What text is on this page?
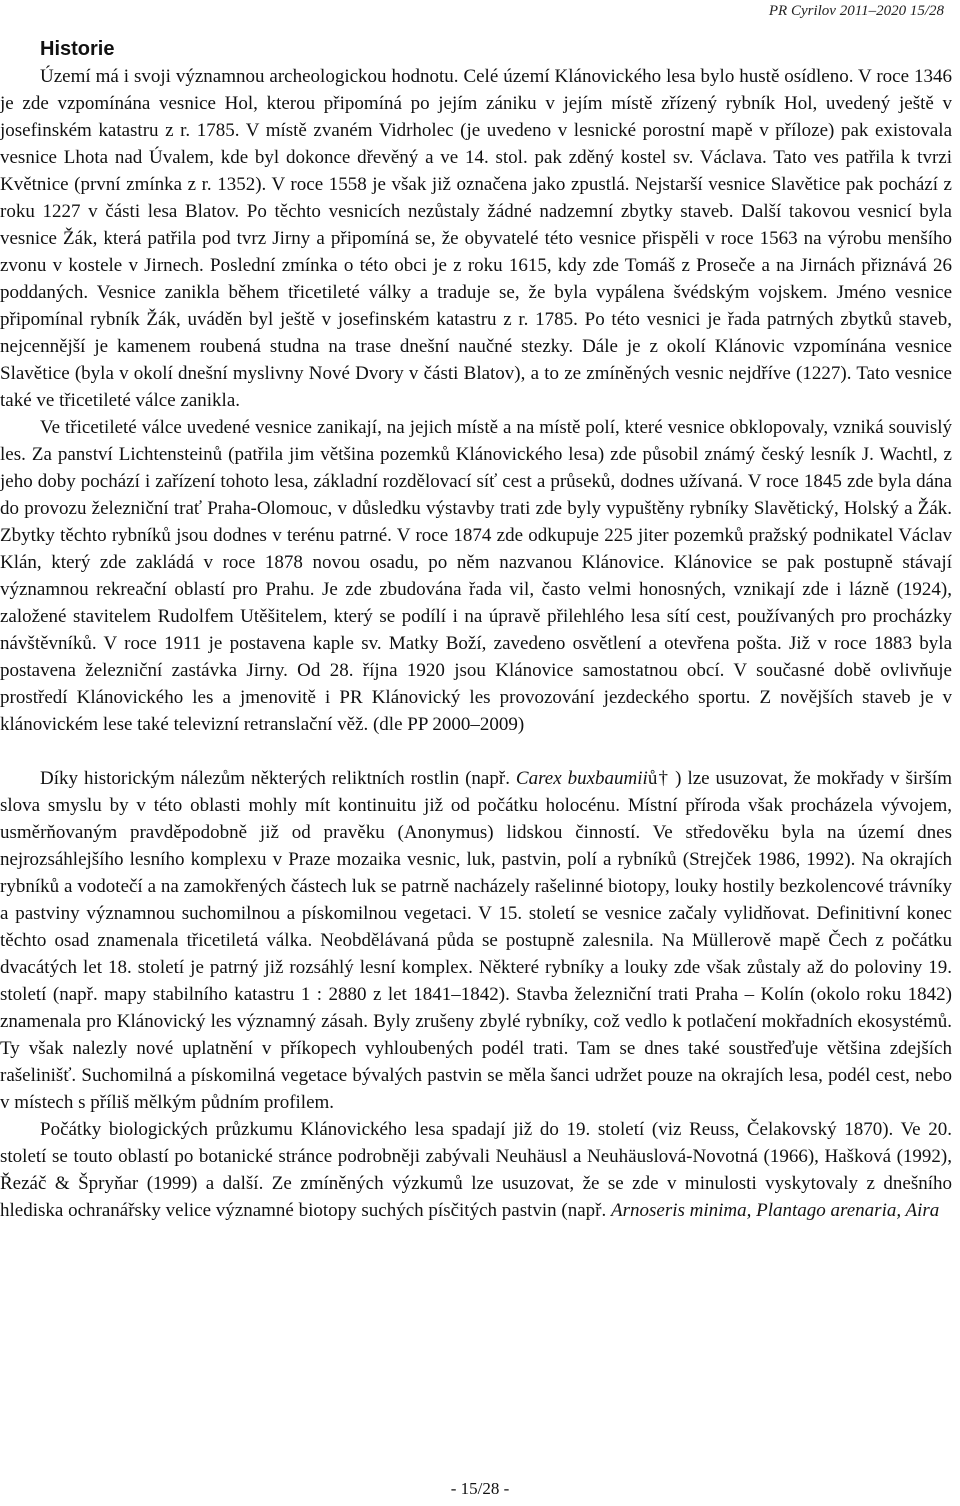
PR Cyrilov 2011–2020 15/28
Historie

Území má i svoji významnou archeologickou hodnotu. Celé území Klánovického lesa bylo hustě osídleno. V roce 1346 je zde vzpomínána vesnice Hol, kterou připomíná po jejím zániku v jejím místě zřízený rybník Hol, uvedený ještě v josefinském katastru z r. 1785. V místě zvaném Vidrholec (je uvedeno v lesnické porostní mapě v příloze) pak existovala vesnice Lhota nad Úvalem, kde byl dokonce dřevěný a ve 14. stol. pak zděný kostel sv. Václava. Tato ves patřila k tvrzi Květnice (první zmínka z r. 1352). V roce 1558 je však již označena jako zpustlá. Nejstarší vesnice Slavětice pak pochází z roku 1227 v části lesa Blatov. Po těchto vesnicích nezůstaly žádné nadzemní zbytky staveb. Další takovou vesnicí byla vesnice Žák, která patřila pod tvrz Jirny a připomíná se, že obyvatelé této vesnice přispěli v roce 1563 na výrobu menšího zvonu v kostele v Jirnech. Poslední zmínka o této obci je z roku 1615, kdy zde Tomáš z Proseče a na Jirnách přiznává 26 poddaných. Vesnice zanikla během třicetileté války a traduje se, že byla vypálena švédským vojskem. Jméno vesnice připomínal rybník Žák, uváděn byl ještě v josefinském katastru z r. 1785. Po této vesnici je řada patrných zbytků staveb, nejcennější je kamenem roubená studna na trase dnešní naučné stezky. Dále je z okolí Klánovic vzpomínána vesnice Slavětice (byla v okolí dnešní myslivny Nové Dvory v části Blatov), a to ze zmíněných vesnic nejdříve (1227). Tato vesnice také ve třicetileté válce zanikla.

Ve třicetileté válce uvedené vesnice zanikají, na jejich místě a na místě polí, které vesnice obklopovaly, vzniká souvislý les. Za panství Lichtensteinů (patřila jim většina pozemků Klánovického lesa) zde působil známý český lesník J. Wachtl, z jeho doby pochází i zařízení tohoto lesa, základní rozdělovací síť cest a průseků, dodnes užívaná. V roce 1845 zde byla dána do provozu železniční trať Praha-Olomouc, v důsledku výstavby trati zde byly vypuštěny rybníky Slavětický, Holský a Žák. Zbytky těchto rybníků jsou dodnes v terénu patrné. V roce 1874 zde odkupuje 225 jiter pozemků pražský podnikatel Václav Klán, který zde zakládá v roce 1878 novou osadu, po něm nazvanou Klánovice. Klánovice se pak postupně stávají významnou rekreační oblastí pro Prahu. Je zde zbudována řada vil, často velmi honosných, vznikají zde i lázně (1924), založené stavitelem Rudolfem Utěšitelem, který se podílí i na úpravě přilehlého lesa sítí cest, používaných pro procházky návštěvníků. V roce 1911 je postavena kaple sv. Matky Boží, zavedeno osvětlení a otevřena pošta. Již v roce 1883 byla postavena železniční zastávka Jirny. Od 28. října 1920 jsou Klánovice samostatnou obcí. V současné době ovlivňuje prostředí Klánovického les a jmenovitě i PR Klánovický les provozování jezdeckého sportu. Z novějších staveb je v klánovickém lese také televizní retranslační věž. (dle PP 2000–2009)

Díky historickým nálezům některých reliktních rostlin (např. Carex buxbaumiiů† ) lze usuzovat, že mokřady v širším slova smyslu by v této oblasti mohly mít kontinuitu již od počátku holocénu. Místní příroda však procházela vývojem, usměrňovaným pravděpodobně již od pravěku (Anonymus) lidskou činností. Ve středověku byla na území dnes nejrozsáhlejšího lesního komplexu v Praze mozaika vesnic, luk, pastvin, polí a rybníků (Strejček 1986, 1992). Na okrajích rybníků a vodotečí a na zamokřených částech luk se patrně nacházely rašelinné biotopy, louky hostily bezkolencové trávníky a pastviny významnou suchomilnou a pískomilnou vegetaci. V 15. století se vesnice začaly vylidňovat. Definitivní konec těchto osad znamenala třicetiletá válka. Neobdělávaná půda se postupně zalesnila. Na Müllerově mapě Čech z počátku dvacátých let 18. století je patrný již rozsáhlý lesní komplex. Některé rybníky a louky zde však zůstaly až do poloviny 19. století (např. mapy stabilního katastru 1 : 2880 z let 1841–1842). Stavba železniční trati Praha – Kolín (okolo roku 1842) znamenala pro Klánovický les významný zásah. Byly zrušeny zbylé rybníky, což vedlo k potlačení mokřadních ekosystémů. Ty však nalezly nové uplatnění v příkopech vyhloubených podél trati. Tam se dnes také soustřeďuje většina zdejších rašelinišť. Suchomilná a pískomilná vegetace bývalých pastvin se měla šanci udržet pouze na okrajích lesa, podél cest, nebo v místech s příliš mělkým půdním profilem.

Počátky biologických průzkumu Klánovického lesa spadají již do 19. století (viz Reuss, Čelakovský 1870). Ve 20. století se touto oblastí po botanické stránce podrobněji zabývali Neuhäusl a Neuhäuslová-Novotná (1966), Hašková (1992), Řezáč & Špryňar (1999) a další. Ze zmíněných výzkumů lze usuzovat, že se zde v minulosti vyskytovaly z dnešního hlediska ochranářsky velice významné biotopy suchých písčitých pastvin (např. Arnoseris minima, Plantago arenaria, Aira

- 15/28 -
